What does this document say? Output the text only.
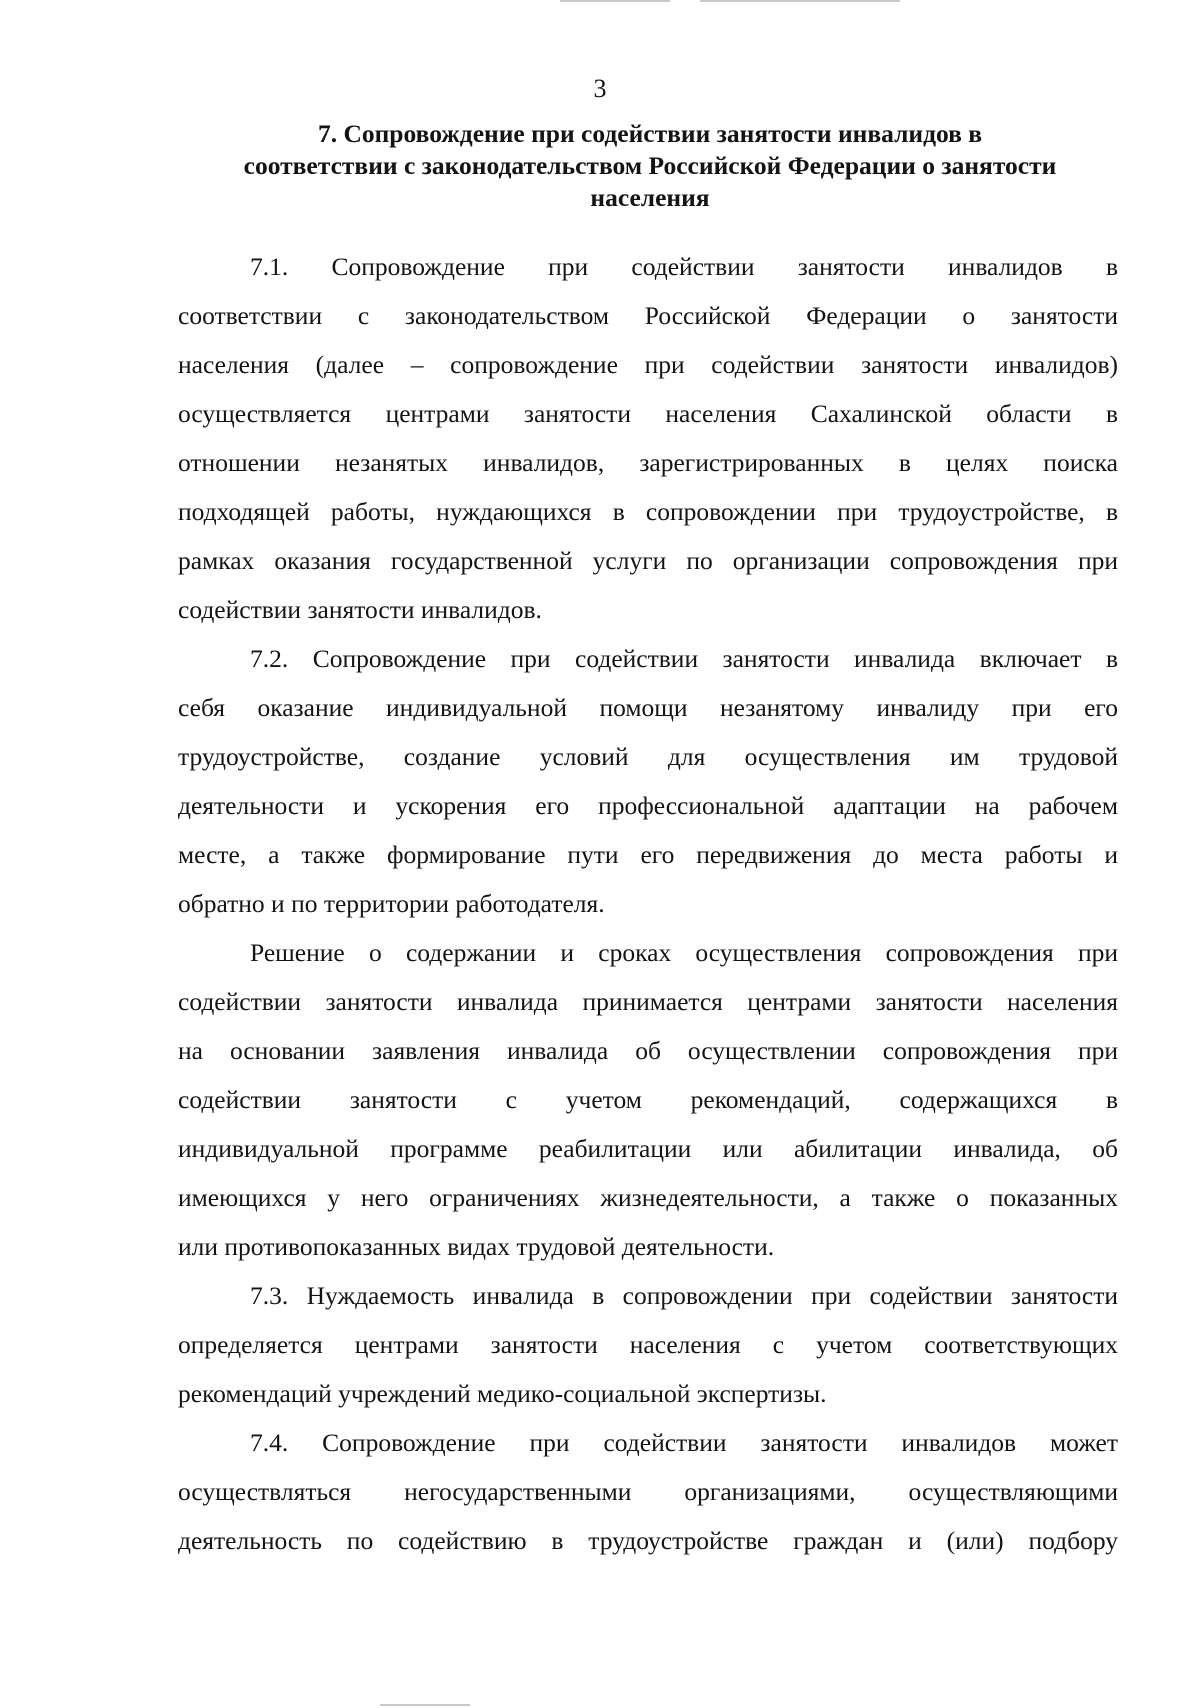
3
7. Сопровождение при содействии занятости инвалидов в
соответствии с законодательством Российской Федерации о занятости
населения
7.1. Сопровождение при содействии занятости инвалидов в
соответствии с законодательством Российской Федерации о занятости
населения (далее – сопровождение при содействии занятости инвалидов)
осуществляется центрами занятости населения Сахалинской области в
отношении незанятых инвалидов, зарегистрированных в целях поиска
подходящей работы, нуждающихся в сопровождении при трудоустройстве, в
рамках оказания государственной услуги по организации сопровождения при
содействии занятости инвалидов.
7.2. Сопровождение при содействии занятости инвалида включает в
себя оказание индивидуальной помощи незанятому инвалиду при его
трудоустройстве, создание условий для осуществления им трудовой
деятельности и ускорения его профессиональной адаптации на рабочем
месте, а также формирование пути его передвижения до места работы и
обратно и по территории работодателя.
Решение о содержании и сроках осуществления сопровождения при
содействии занятости инвалида принимается центрами занятости населения
на основании заявления инвалида об осуществлении сопровождения при
содействии занятости с учетом рекомендаций, содержащихся в
индивидуальной программе реабилитации или абилитации инвалида, об
имеющихся у него ограничениях жизнедеятельности, а также о показанных
или противопоказанных видах трудовой деятельности.
7.3. Нуждаемость инвалида в сопровождении при содействии занятости
определяется центрами занятости населения с учетом соответствующих
рекомендаций учреждений медико-социальной экспертизы.
7.4. Сопровождение при содействии занятости инвалидов может
осуществляться негосударственными организациями, осуществляющими
деятельность по содействию в трудоустройстве граждан и (или) подбору
